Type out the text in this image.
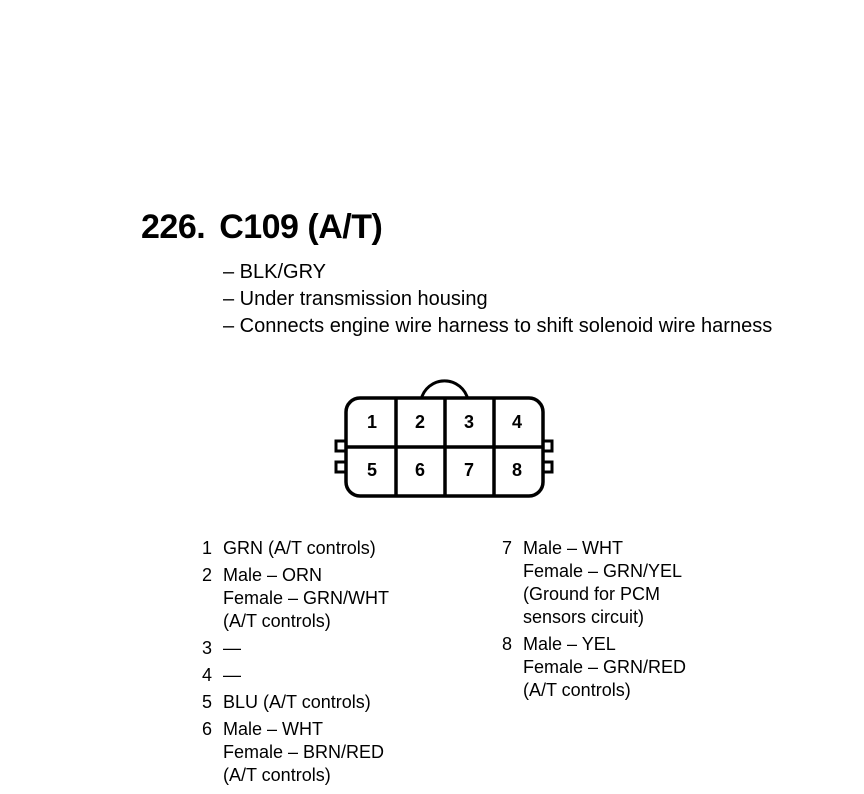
226. C109 (A/T)
– BLK/GRY
– Under transmission housing
– Connects engine wire harness to shift solenoid wire harness
1 2 3 4
5 6 7 8
1 GRN (A/T controls)
2 Male – ORN
Female – GRN/WHT
(A/T controls)
3 —
4 —
5 BLU (A/T controls)
6 Male – WHT
Female – BRN/RED
(A/T controls)
7 Male – WHT
Female – GRN/YEL
(Ground for PCM
sensors circuit)
8 Male – YEL
Female – GRN/RED
(A/T controls)
